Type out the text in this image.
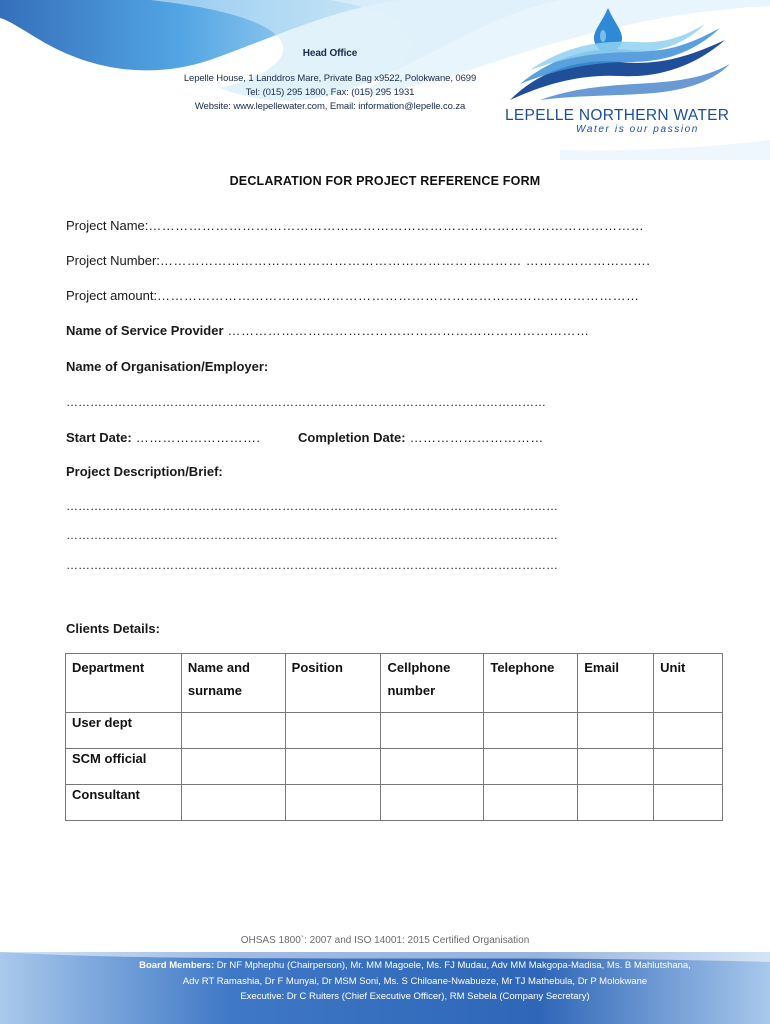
Head Office
Lepelle House, 1 Landdros Mare, Private Bag x9522, Polokwane, 0699
Tel: (015) 295 1800, Fax: (015) 295 1931
Website: www.lepellewater.com, Email: information@lepelle.co.za
LEPELLE NORTHERN WATER
Water is our passion
DECLARATION FOR PROJECT REFERENCE FORM
Project Name:…………………………………………………………………………………………………
Project Number:……………………………………………………………………… ……………………….
Project amount:………………………………………………………………………………………………
Name of Service Provider ………………………………………………………………………
Name of Organisation/Employer:
…………………………………………………………………………………………………………
Start Date: ……………………….	Completion Date: …………………………
Project Description/Brief:
……………………………………………………………………………………………………………
……………………………………………………………………………………………………………
……………………………………………………………………………………………………………
Clients Details:
Department	Name and surname	Position	Cellphone number	Telephone	Email	Unit
User dept						
SCM official						
Consultant						
OHSAS 1800`: 2007 and ISO 14001: 2015 Certified Organisation
Board Members: Dr NF Mphephu (Chairperson), Mr. MM Magoele, Ms. FJ Mudau, Adv MM Makgopa-Madisa, Ms. B Mahlutshana,
Adv RT Ramashia, Dr F Munyai, Dr MSM Soni, Ms. S Chiloane-Nwabueze, Mr TJ Mathebula, Dr P Molokwane
Executive: Dr C Ruiters (Chief Executive Officer), RM Sebela (Company Secretary)
